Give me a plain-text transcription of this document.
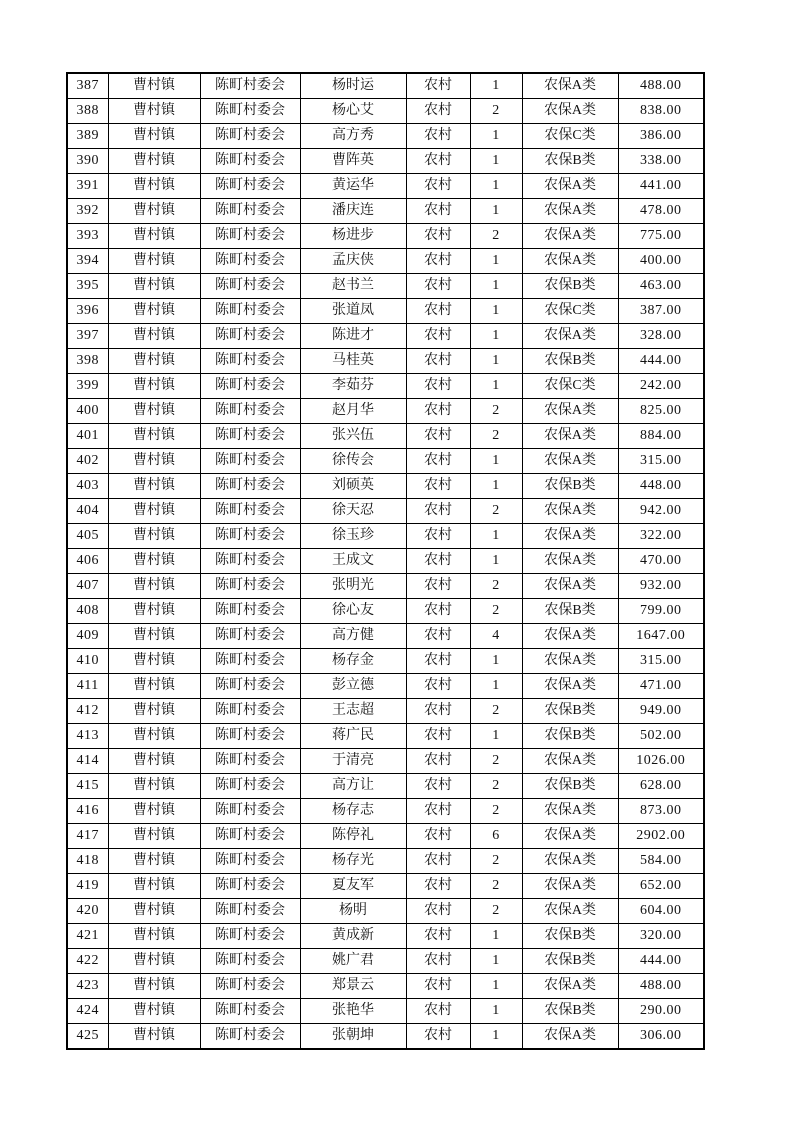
387	曹村镇	陈町村委会	杨时运	农村	1	农保A类	488.00
388	曹村镇	陈町村委会	杨心艾	农村	2	农保A类	838.00
389	曹村镇	陈町村委会	高方秀	农村	1	农保C类	386.00
390	曹村镇	陈町村委会	曹阵英	农村	1	农保B类	338.00
391	曹村镇	陈町村委会	黄运华	农村	1	农保A类	441.00
392	曹村镇	陈町村委会	潘庆连	农村	1	农保A类	478.00
393	曹村镇	陈町村委会	杨进步	农村	2	农保A类	775.00
394	曹村镇	陈町村委会	孟庆侠	农村	1	农保A类	400.00
395	曹村镇	陈町村委会	赵书兰	农村	1	农保B类	463.00
396	曹村镇	陈町村委会	张道凤	农村	1	农保C类	387.00
397	曹村镇	陈町村委会	陈进才	农村	1	农保A类	328.00
398	曹村镇	陈町村委会	马桂英	农村	1	农保B类	444.00
399	曹村镇	陈町村委会	李茹芬	农村	1	农保C类	242.00
400	曹村镇	陈町村委会	赵月华	农村	2	农保A类	825.00
401	曹村镇	陈町村委会	张兴伍	农村	2	农保A类	884.00
402	曹村镇	陈町村委会	徐传会	农村	1	农保A类	315.00
403	曹村镇	陈町村委会	刘硕英	农村	1	农保B类	448.00
404	曹村镇	陈町村委会	徐天忍	农村	2	农保A类	942.00
405	曹村镇	陈町村委会	徐玉珍	农村	1	农保A类	322.00
406	曹村镇	陈町村委会	王成文	农村	1	农保A类	470.00
407	曹村镇	陈町村委会	张明光	农村	2	农保A类	932.00
408	曹村镇	陈町村委会	徐心友	农村	2	农保B类	799.00
409	曹村镇	陈町村委会	高方健	农村	4	农保A类	1647.00
410	曹村镇	陈町村委会	杨存金	农村	1	农保A类	315.00
411	曹村镇	陈町村委会	彭立德	农村	1	农保A类	471.00
412	曹村镇	陈町村委会	王志超	农村	2	农保B类	949.00
413	曹村镇	陈町村委会	蒋广民	农村	1	农保B类	502.00
414	曹村镇	陈町村委会	于清亮	农村	2	农保A类	1026.00
415	曹村镇	陈町村委会	高方让	农村	2	农保B类	628.00
416	曹村镇	陈町村委会	杨存志	农村	2	农保A类	873.00
417	曹村镇	陈町村委会	陈停礼	农村	6	农保A类	2902.00
418	曹村镇	陈町村委会	杨存光	农村	2	农保A类	584.00
419	曹村镇	陈町村委会	夏友军	农村	2	农保A类	652.00
420	曹村镇	陈町村委会	杨明	农村	2	农保A类	604.00
421	曹村镇	陈町村委会	黄成新	农村	1	农保B类	320.00
422	曹村镇	陈町村委会	姚广君	农村	1	农保B类	444.00
423	曹村镇	陈町村委会	郑景云	农村	1	农保A类	488.00
424	曹村镇	陈町村委会	张艳华	农村	1	农保B类	290.00
425	曹村镇	陈町村委会	张朝坤	农村	1	农保A类	306.00
